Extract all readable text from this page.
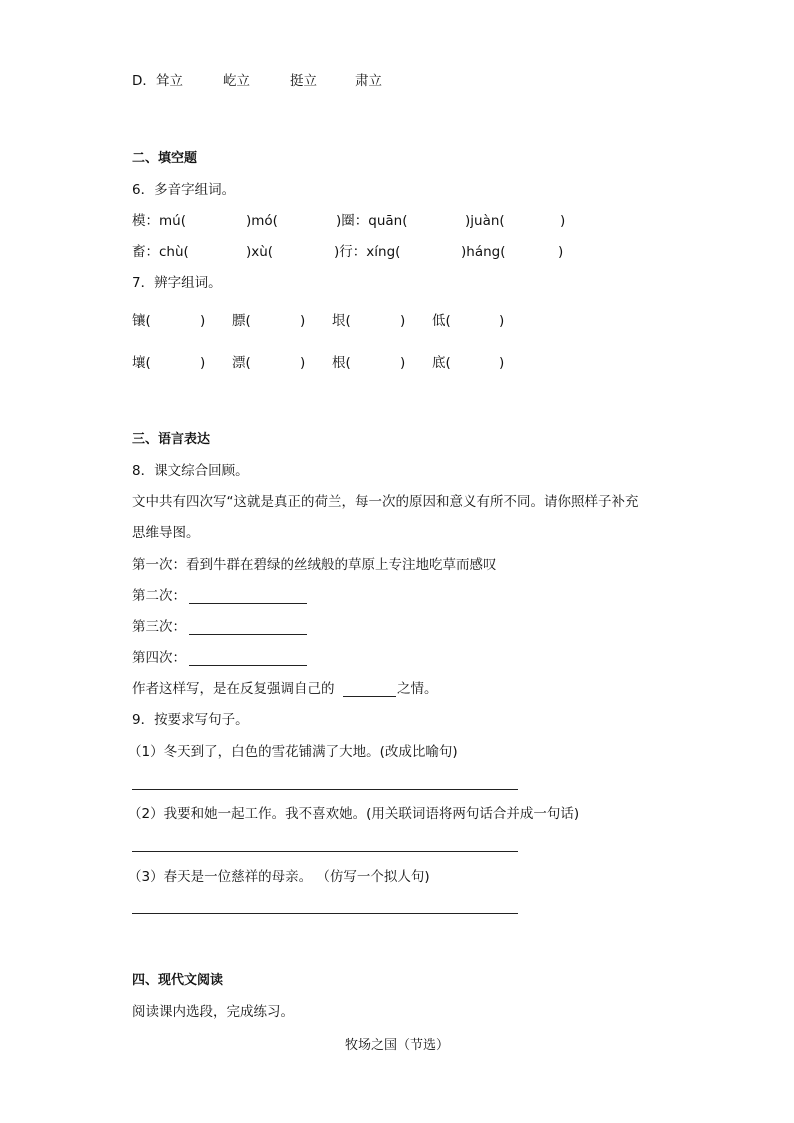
D． 耸立	屹立	挺立	肃立
二、填空题
6．多音字组词。
模：mú(	)mó(	)圈：quān(	)juàn(	)
畜：chù(	)xù(	)行：xíng(	)háng(	)
7．辨字组词。
镶(	) 膘(	) 垠(	) 低(	)
壤(	) 漂(	) 根(	) 底(	)
三、语言表达
8．课文综合回顾。
文中共有四次写“这就是真正的荷兰，每一次的原因和意义有所不同。请你照样子补充
思维导图。
第一次：看到牛群在碧绿的丝绒般的草原上专注地吃草而感叹
第二次：
第三次：
第四次：
作者这样写，是在反复强调自己的	之情。
9．按要求写句子。
（1）冬天到了，白色的雪花铺满了大地。(改成比喻句)
（2）我要和她一起工作。我不喜欢她。(用关联词语将两句话合并成一句话)
（3）春天是一位慈祥的母亲。 （仿写一个拟人句)
四、现代文阅读
阅读课内选段，完成练习。
牧场之国（节选）
